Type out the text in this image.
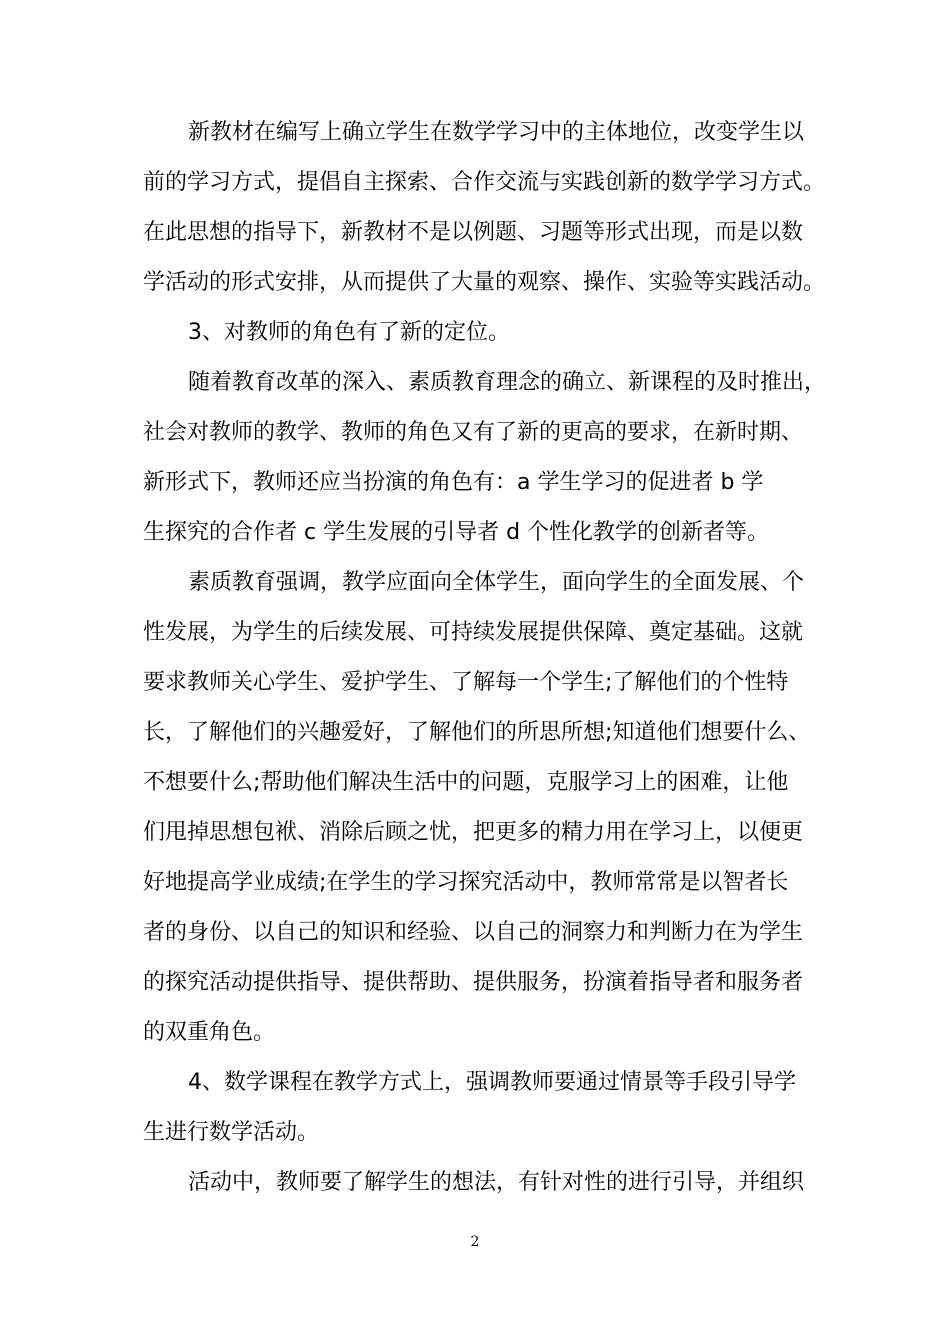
新教材在编写上确立学生在数学学习中的主体地位，改变学生以
前的学习方式，提倡自主探索、合作交流与实践创新的数学学习方式。
在此思想的指导下，新教材不是以例题、习题等形式出现，而是以数
学活动的形式安排，从而提供了大量的观察、操作、实验等实践活动。
3、对教师的角色有了新的定位。
随着教育改革的深入、素质教育理念的确立、新课程的及时推出，
社会对教师的教学、教师的角色又有了新的更高的要求，在新时期、
新形式下，教师还应当扮演的角色有：a 学生学习的促进者 b 学
生探究的合作者 c 学生发展的引导者 d 个性化教学的创新者等。
素质教育强调，教学应面向全体学生，面向学生的全面发展、个
性发展，为学生的后续发展、可持续发展提供保障、奠定基础。这就
要求教师关心学生、爱护学生、了解每一个学生;了解他们的个性特
长，了解他们的兴趣爱好，了解他们的所思所想;知道他们想要什么、
不想要什么;帮助他们解决生活中的问题，克服学习上的困难，让他
们甩掉思想包袱、消除后顾之忧，把更多的精力用在学习上，以便更
好地提高学业成绩;在学生的学习探究活动中，教师常常是以智者长
者的身份、以自己的知识和经验、以自己的洞察力和判断力在为学生
的探究活动提供指导、提供帮助、提供服务，扮演着指导者和服务者
的双重角色。
4、数学课程在教学方式上，强调教师要通过情景等手段引导学
生进行数学活动。
活动中，教师要了解学生的想法，有针对性的进行引导，并组织
2
